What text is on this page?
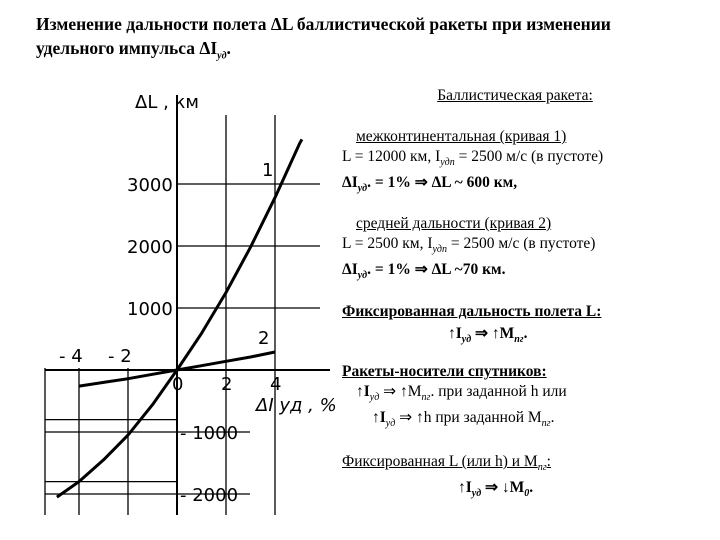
Изменение дальности полета ΔL баллистической ракеты при изменении
удельного импульса $\Delta I_{уд}$.
3000
2000
1000
- 1000
- 2000
- 4 - 2
0 2 4
ΔL , км
ΔI уд , %
1
2
Баллистическая ракета:
межконтинентальная (кривая 1)
L = 12000 км, $I_{удп} = 2500$ м/с (в пустоте)
$\Delta I_{уд}$. = 1% ⇒ ΔL ~ 600 км,
средней дальности (кривая 2)
L = 2500 км, $I_{удп} = 2500$ м/с (в пустоте)
$\Delta I_{уд}$. = 1% ⇒ ΔL ~70 км.
Фиксированная дальность полета L:
$↑I_{уд}$ ⇒ $↑M_{пг}$.
Ракеты-носители спутников:
$↑I_{уд}$ ⇒ $↑M_{пг}$. при заданной h или
$↑I_{уд}$ ⇒ ↑h при заданной $M_{пг}$.
Фиксированная L (или h) и $M_{пг}$:
$↑I_{уд}$ ⇒ $↓M_0$.
